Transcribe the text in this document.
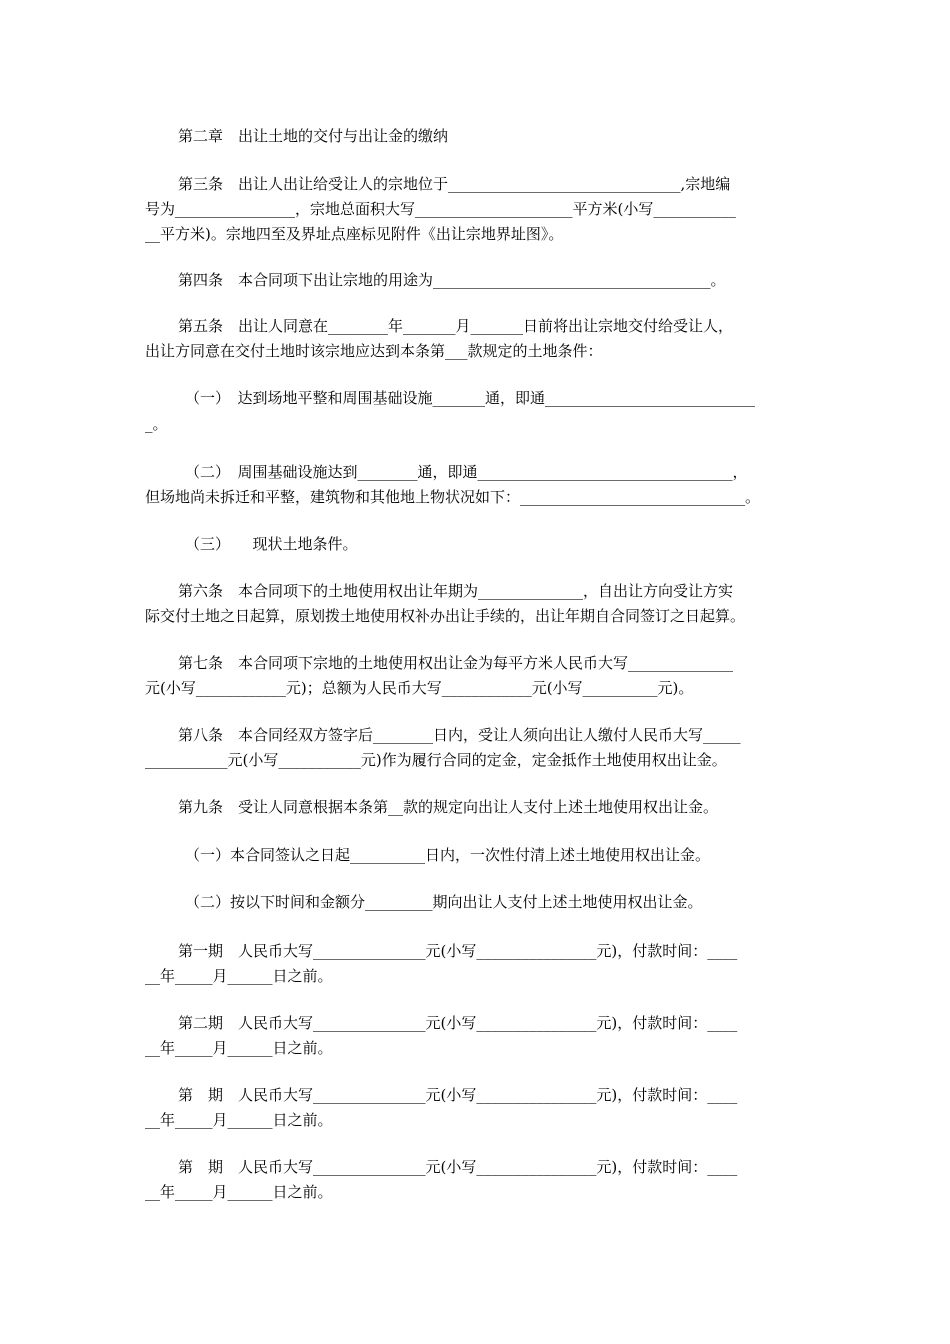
第二章　出让土地的交付与出让金的缴纳
第三条　出让人出让给受让人的宗地位于_______________________________,宗地编
号为________________，宗地总面积大写_____________________平方米(小写___________
__平方米)。宗地四至及界址点座标见附件《出让宗地界址图》。
第四条　本合同项下出让宗地的用途为_____________________________________。
第五条　出让人同意在________年_______月_______日前将出让宗地交付给受让人，
出让方同意在交付土地时该宗地应达到本条第___款规定的土地条件：
（一）　达到场地平整和周围基础设施_______通，即通____________________________
_。
（二）　周围基础设施达到________通，即通__________________________________，
但场地尚未拆迁和平整，建筑物和其他地上物状况如下：______________________________。
（三）　　现状土地条件。
第六条　本合同项下的土地使用权出让年期为______________，自出让方向受让方实
际交付土地之日起算，原划拨土地使用权补办出让手续的，出让年期自合同签订之日起算。
第七条　本合同项下宗地的土地使用权出让金为每平方米人民币大写______________
元(小写____________元)；总额为人民币大写____________元(小写__________元)。
第八条　本合同经双方签字后________日内，受让人须向出让人缴付人民币大写_____
___________元(小写___________元)作为履行合同的定金，定金抵作土地使用权出让金。
第九条　受让人同意根据本条第__款的规定向出让人支付上述土地使用权出让金。
（一）本合同签认之日起__________日内，一次性付清上述土地使用权出让金。
（二）按以下时间和金额分_________期向出让人支付上述土地使用权出让金。
第一期　人民币大写_______________元(小写________________元)，付款时间：____
__年_____月______日之前。
第二期　人民币大写_______________元(小写________________元)，付款时间：____
__年_____月______日之前。
第　期　人民币大写_______________元(小写________________元)，付款时间：____
__年_____月______日之前。
第　期　人民币大写_______________元(小写________________元)，付款时间：____
__年_____月______日之前。
